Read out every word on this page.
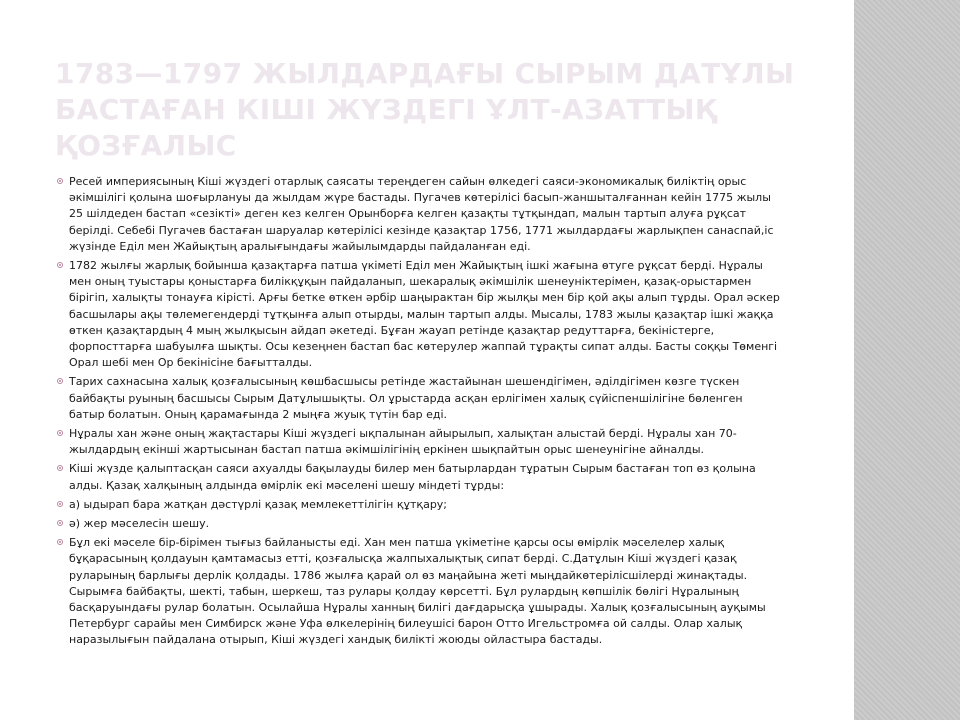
1783—1797 ЖЫЛДАРДАҒЫ СЫРЫМ ДАТҰЛЫ
БАСТАҒАН КІШІ ЖҮЗДЕГІ ҰЛТ-АЗАТТЫҚ ҚОЗҒАЛЫС
Ресей империясының Кіші жүздегі отарлық саясаты тереңдеген сайын өлкедегі саяси-экономикалық биліктің орыс әкімшілігі қолына шоғырлануы да жылдам жүре бастады. Пугачев көтерілісі басып-жаншыталғаннан кейін 1775 жылы 25 шілдеден бастап «сезікті» деген кез келген Орынборға келген қазақты тұтқындап, малын тартып алуға рұқсат берілді. Себебі Пугачев бастаған шаруалар көтерілісі кезінде қазақтар 1756, 1771 жылдардағы жарлықпен санаспай,іс жүзінде Еділ мен Жайықтың аралығындағы жайылымдарды пайдаланған еді.
1782 жылғы жарлық бойынша қазақтарға патша үкіметі Еділ мен Жайықтың ішкі жағына өтуге рұқсат берді. Нұралы мен оның туыстары қоныстарға билікқұқын пайдаланып, шекаралық әкімшілік шенеуніктерімен, қазақ-орыстармен бірігіп, халықты тонауға кірісті. Арғы бетке өткен әрбір шаңырактан бір жылқы мен бір қой ақы алып тұрды. Орал әскер басшылары ақы төлемегендерді тұтқынға алып отырды, малын тартып алды. Мысалы, 1783 жылы қазақтар ішкі жаққа өткен қазақтардың 4 мың жылқысын айдап әкетеді. Бұған жауап ретінде қазақтар редуттарға, бекіністерге, форпосттарға шабуылға шықты. Осы кезеңнен бастап бас көтерулер жаппай тұрақты сипат алды. Басты соққы Төменгі Орал шебі мен Ор бекініcіне бағытталды.
Тарих сахнасына халық қозғалысының көшбасшысы ретінде жастайынан шешендігімен, әділдігімен көзге түскен байбақты руының басшысы Сырым Датұлышықты. Ол ұрыстарда асқан ерлігімен халық сүйіспеншілігіне бөленген батыр болатын. Оның қарамағында 2 мыңға жуық түтін бар еді.
Нұралы хан және оның жақтастары Кіші жүздегі ықпалынан айырылып, халықтан алыстай берді. Нұралы хан 70-жылдардың екінші жартысынан бастап патша әкімшілігінің еркінен шықпайтын орыс шенеунігіне айналды.
Кіші жүзде қалыптасқан саяси ахуалды бақылауды билер мен батырлардан тұратын Сырым бастаған топ өз қолына алды. Қазақ халқының алдында өмірлік екі мәселені шешу міндеті тұрды:
а) ыдырап бара жатқан дәстүрлі қазақ мемлекеттілігін құтқару;
ә) жер мәселесін шешу.
Бұл екі мәселе бір-бірімен тығыз байланысты еді. Хан мен патша үкіметіне қарсы осы өмірлік мәселелер халық бұқарасының қолдауын қамтамасыз етті, қозғалысқа жалпыхалықтық сипат берді. С.Датұлын Кіші жүздегі қазақ руларының барлығы дерлік қолдады. 1786 жылға қарай ол өз маңайына жеті мыңдайкөтерілісшілерді жинақтады. Сырымға байбақты, шекті, табын, шеркеш, таз рулары қолдау көрсетті. Бұл рулардың көпшілік бөлігі Нұралының басқаруындағы рулар болатын. Осылайша Нұралы ханның билігі дағдарысқа ұшырады. Халық қозғалысының ауқымы Петербург сарайы мен Симбирск және Уфа өлкелерінің билеушісі барон Отто Игельстромға ой салды. Олар халық наразылығын пайдалана отырып, Кіші жүздегі хандық билікті жоюды ойластыра бастады.
